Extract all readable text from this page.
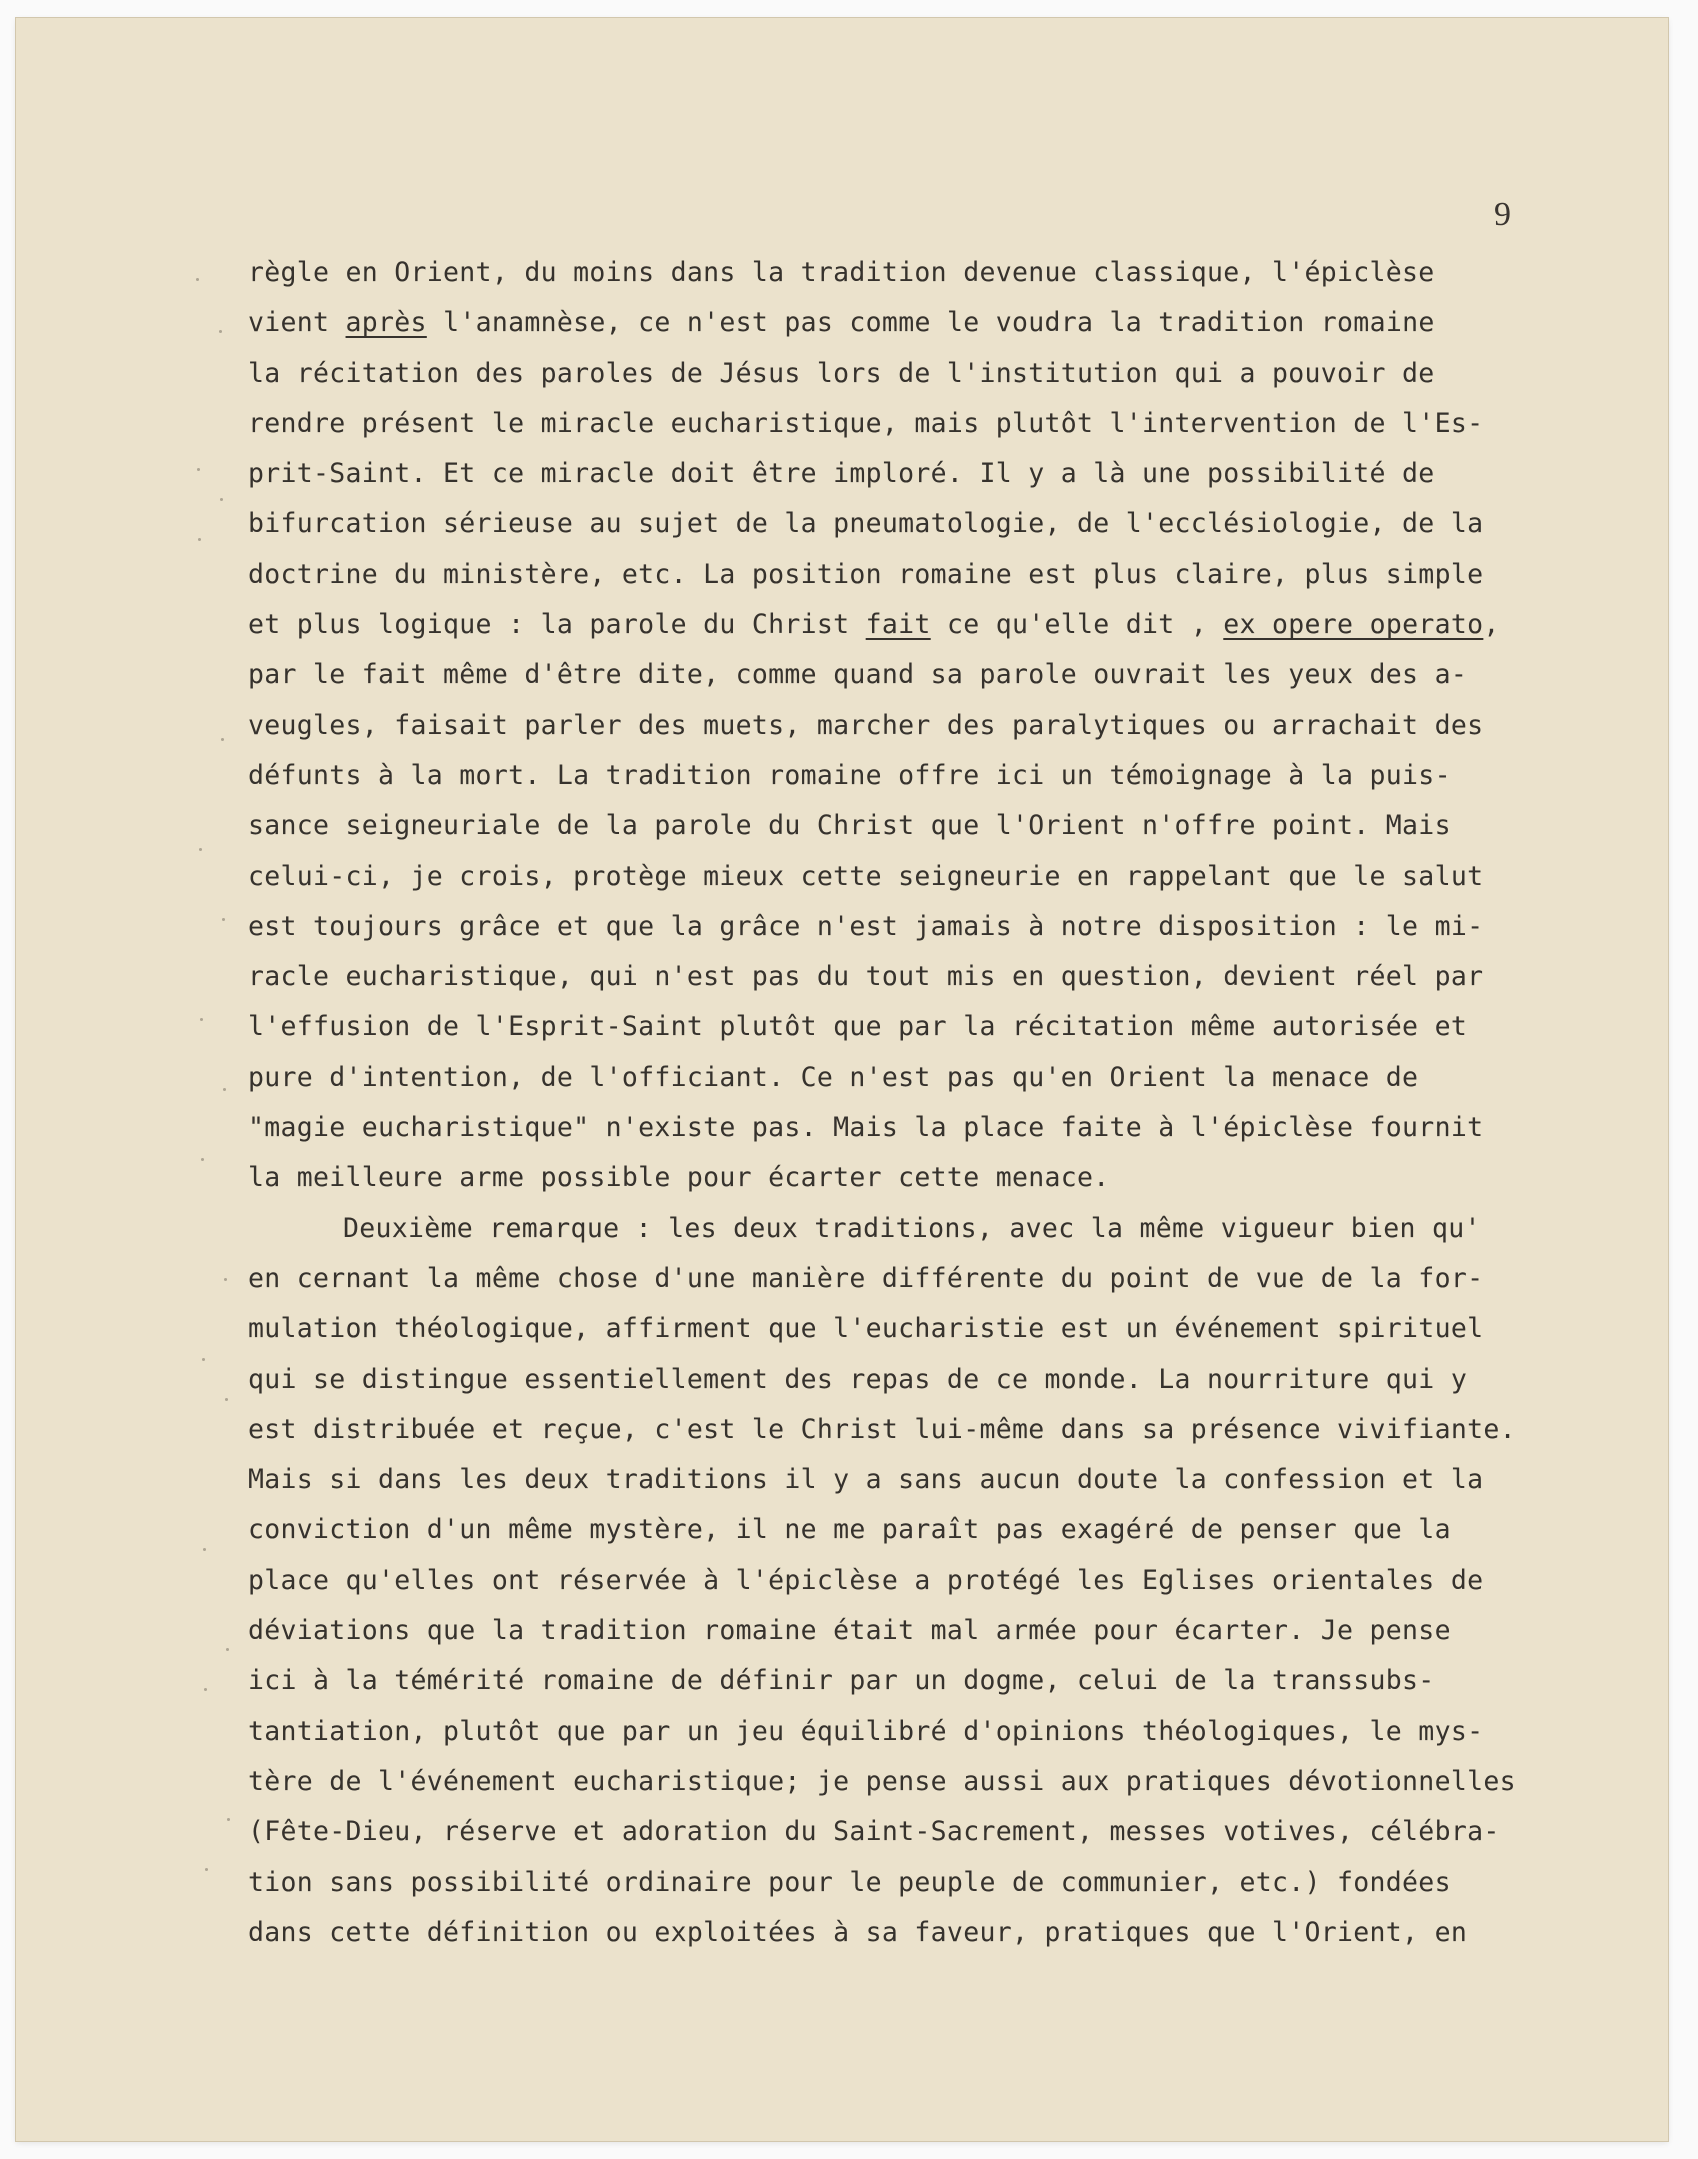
9
règle en Orient, du moins dans la tradition devenue classique, l'épiclèse
vient après l'anamnèse, ce n'est pas comme le voudra la tradition romaine
la récitation des paroles de Jésus lors de l'institution qui a pouvoir de
rendre présent le miracle eucharistique, mais plutôt l'intervention de l'Es-
prit-Saint. Et ce miracle doit être imploré. Il y a là une possibilité de
bifurcation sérieuse au sujet de la pneumatologie, de l'ecclésiologie, de la
doctrine du ministère, etc. La position romaine est plus claire, plus simple
et plus logique : la parole du Christ fait ce qu'elle dit , ex opere operato,
par le fait même d'être dite, comme quand sa parole ouvrait les yeux des a-
veugles, faisait parler des muets, marcher des paralytiques ou arrachait des
défunts à la mort. La tradition romaine offre ici un témoignage à la puis-
sance seigneuriale de la parole du Christ que l'Orient n'offre point. Mais
celui-ci, je crois, protège mieux cette seigneurie en rappelant que le salut
est toujours grâce et que la grâce n'est jamais à notre disposition : le mi-
racle eucharistique, qui n'est pas du tout mis en question, devient réel par
l'effusion de l'Esprit-Saint plutôt que par la récitation même autorisée et
pure d'intention, de l'officiant. Ce n'est pas qu'en Orient la menace de
"magie eucharistique" n'existe pas. Mais la place faite à l'épiclèse fournit
la meilleure arme possible pour écarter cette menace.
Deuxième remarque : les deux traditions, avec la même vigueur bien qu'
en cernant la même chose d'une manière différente du point de vue de la for-
mulation théologique, affirment que l'eucharistie est un événement spirituel
qui se distingue essentiellement des repas de ce monde. La nourriture qui y
est distribuée et reçue, c'est le Christ lui-même dans sa présence vivifiante.
Mais si dans les deux traditions il y a sans aucun doute la confession et la
conviction d'un même mystère, il ne me paraît pas exagéré de penser que la
place qu'elles ont réservée à l'épiclèse a protégé les Eglises orientales de
déviations que la tradition romaine était mal armée pour écarter. Je pense
ici à la témérité romaine de définir par un dogme, celui de la transsubs-
tantiation, plutôt que par un jeu équilibré d'opinions théologiques, le mys-
tère de l'événement eucharistique; je pense aussi aux pratiques dévotionnelles
(Fête-Dieu, réserve et adoration du Saint-Sacrement, messes votives, célébra-
tion sans possibilité ordinaire pour le peuple de communier, etc.) fondées
dans cette définition ou exploitées à sa faveur, pratiques que l'Orient, en
